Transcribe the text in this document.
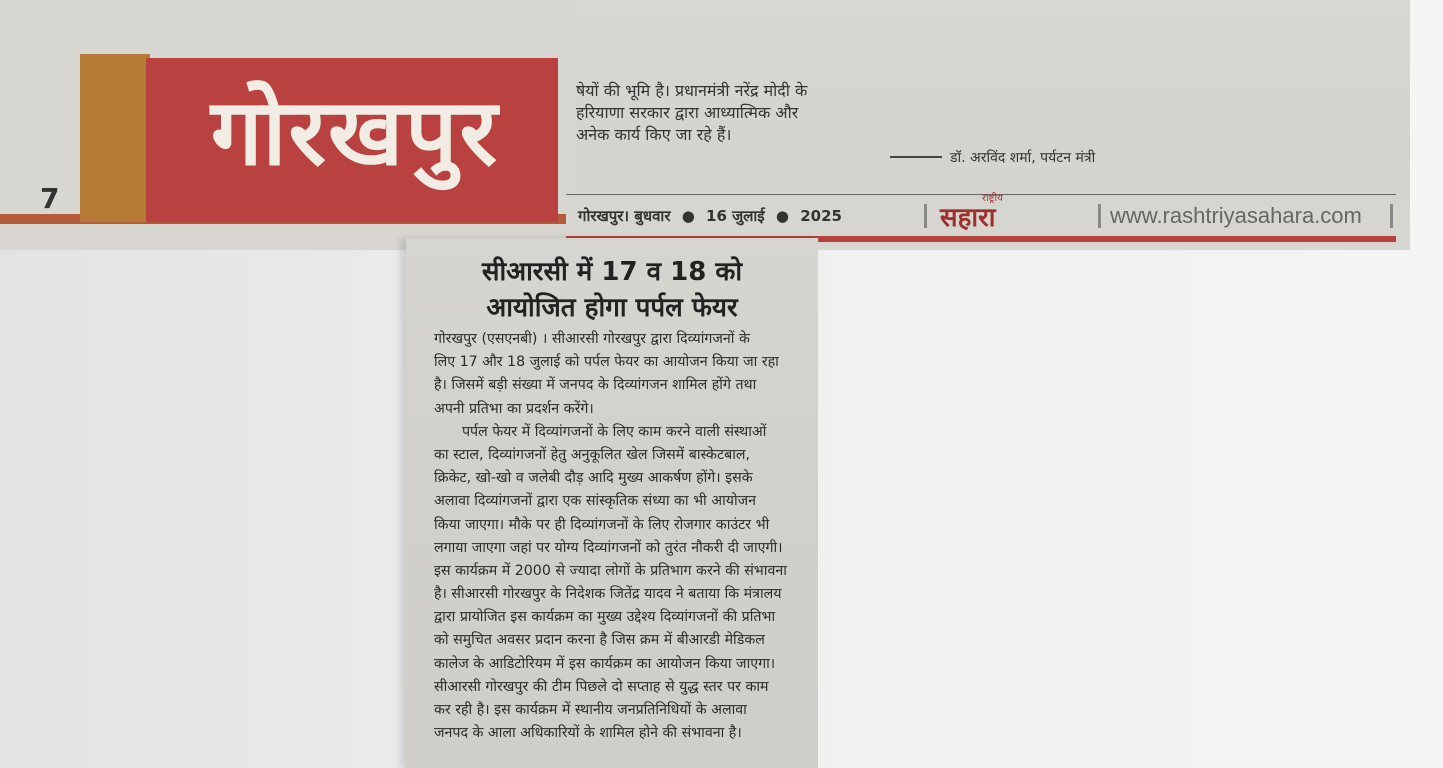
7
गोरखपुर	षेयों की भूमि है। प्रधानमंत्री नरेंद्र मोदी के
हरियाणा सरकार द्वारा आध्यात्मिक और
अनेक कार्य किए जा रहे हैं।
डॉ. अरविंद शर्मा, पर्यटन मंत्री
गोरखपुर। बुधवार ● 16 जुलाई ● 2025
राष्ट्रीय
सहारा	www.rashtriyasahara.com
सीआरसी में 17 व 18 को
आयोजित होगा पर्पल फेयर
गोरखपुर (एसएनबी) । सीआरसी गोरखपुर द्वारा दिव्यांगजनों के
लिए 17 और 18 जुलाई को पर्पल फेयर का आयोजन किया जा रहा
है। जिसमें बड़ी संख्या में जनपद के दिव्यांगजन शामिल होंगे तथा
अपनी प्रतिभा का प्रदर्शन करेंगे।
पर्पल फेयर में दिव्यांगजनों के लिए काम करने वाली संस्थाओं
का स्टाल, दिव्यांगजनों हेतु अनुकूलित खेल जिसमें बास्केटबाल,
क्रिकेट, खो-खो व जलेबी दौड़ आदि मुख्य आकर्षण होंगे। इसके
अलावा दिव्यांगजनों द्वारा एक सांस्कृतिक संध्या का भी आयोजन
किया जाएगा। मौके पर ही दिव्यांगजनों के लिए रोजगार काउंटर भी
लगाया जाएगा जहां पर योग्य दिव्यांगजनों को तुरंत नौकरी दी जाएगी।
इस कार्यक्रम में 2000 से ज्यादा लोगों के प्रतिभाग करने की संभावना
है। सीआरसी गोरखपुर के निदेशक जितेंद्र यादव ने बताया कि मंत्रालय
द्वारा प्रायोजित इस कार्यक्रम का मुख्य उद्देश्य दिव्यांगजनों की प्रतिभा
को समुचित अवसर प्रदान करना है जिस क्रम में बीआरडी मेडिकल
कालेज के आडिटोरियम में इस कार्यक्रम का आयोजन किया जाएगा।
सीआरसी गोरखपुर की टीम पिछले दो सप्ताह से युद्ध स्तर पर काम
कर रही है। इस कार्यक्रम में स्थानीय जनप्रतिनिधियों के अलावा
जनपद के आला अधिकारियों के शामिल होने की संभावना है।
